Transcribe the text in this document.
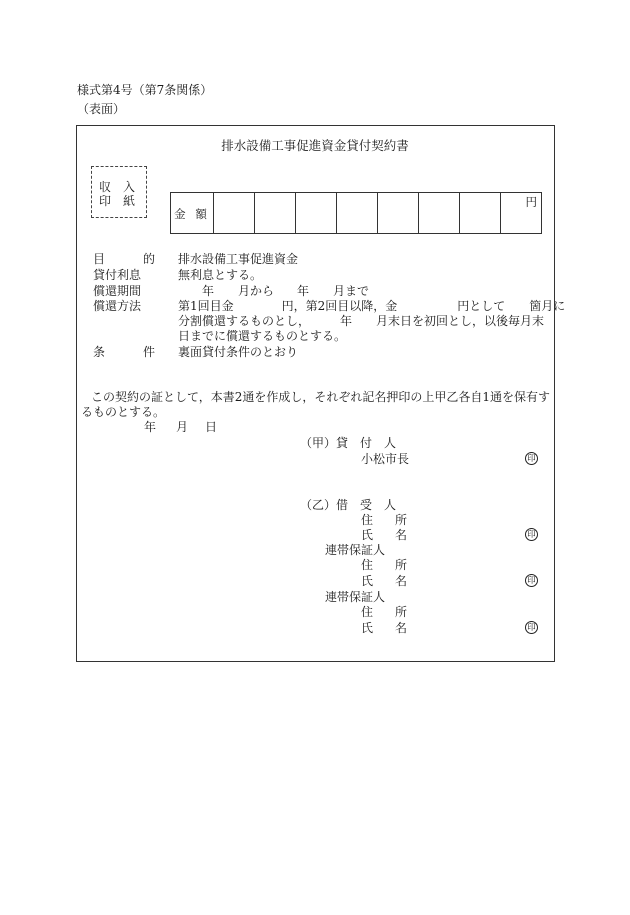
様式第4号（第7条関係）
（表面）
排水設備工事促進資金貸付契約書
収 入
印 紙
金 額								円
目	的 排水設備工事促進資金
貸付利息	無利息とする。
償還期間	年 月から 年 月まで
償還方法	第1回目金　　　　円，第2回目以降，金　　　　　円として　　箇月に
分割償還するものとし，　　　年　　月末日を初回とし，以後毎月末
日までに償還するものとする。
条	件 裏面貸付条件のとおり
この契約の証として，本書2通を作成し，それぞれ記名押印の上甲乙各自1通を保有す
るものとする。
年 月 日
（甲）貸　付　人
小松市長	印
（乙）借　受　人
住 所
氏 名	印
連帯保証人
住 所
氏 名	印
連帯保証人
住 所
氏 名	印
